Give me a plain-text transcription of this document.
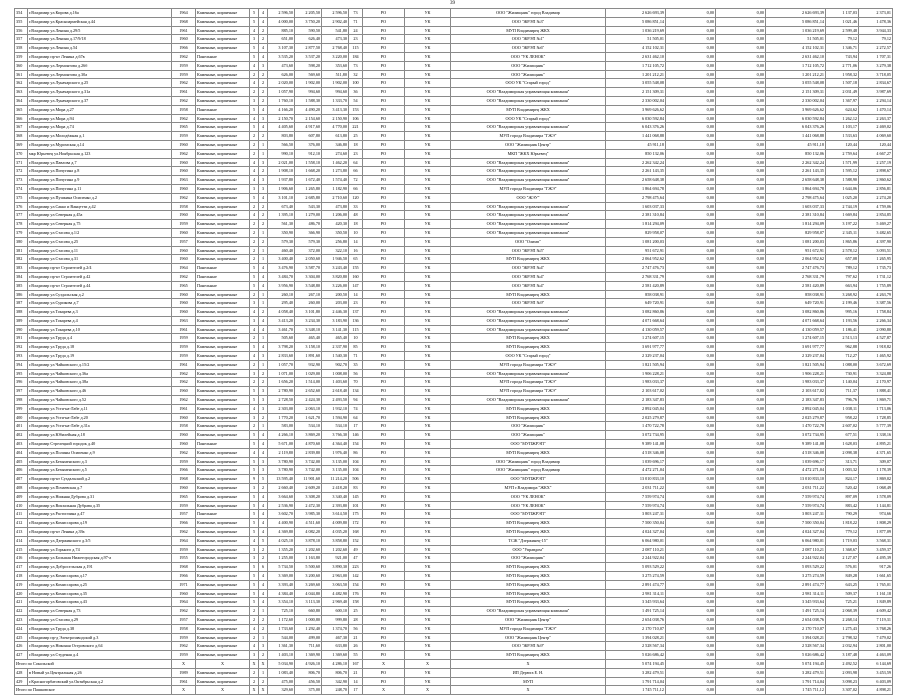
39
354	г.Владимир ул.Кирова д.16а	1964	Каменные, кирпичные	5	4	2 596,50	2 205,50	2 596,50	73	РО	УК	ООО "Жилищник" город Владимир	2 626 693,39	0,00	0,00	2 626 693,39	1 137,03	2 373,01
355	г.Владимир ул.Красноармейская д.44	1968	Каменные, кирпичные	5	4	4 000,00	3 750,20	2 902,40	71	РО	УК	ООО "ЖРЭП №3"	5 086 851,14	0,00	0,00	5 086 851,14	1 021,46	1 478,36
356	г.Владимир ул.Ленина д.29/5	1961	Каменные, кирпичные	4	2	885,10	590,50	541,80	24	РО	УК	МУП Владимирец ЖКХ	1 036 219,69	0,00	0,00	1 036 219,69	2 599,48	3 944,33
357	г.Владимир ул.Ленина д.17/9/18	1960	Каменные, кирпичные	3	2	651,00	626,40	473,30	23	РО	УК	ООО "ЖРЭП №1"	51 505,01	0,00	0,00	51 505,01	79,12	79,12
358	г.Владимир ул.Ленина д.54	1966	Каменные, кирпичные	5	4	3 107,30	2 877,50	2 768,40	115	РО	УК	ООО "ЖРЭП №6"	4 152 102,31	0,00	0,00	4 152 102,31	1 346,71	2 272,57
359	г.Владимир пр-кт Ленина д.67в	1962	Панельные	5	4	3 535,20	3 537,20	3 220,00	184	РО	УК	ООО "УК ЛЕНОК"	2 631 462,10	0,00	0,00	2 631 462,10	743,94	1 707,31
360	г.Владимир ул.Лермонтова д.26б	1959	Каменные, кирпичные	4	3	473,60	598,20	353,60	73	РО	УК	ООО "Жилищник"	1 712 105,72	0,00	0,00	1 712 105,72	2 771,06	3 279,38
361	г.Владимир ул.Лермонтова д.30а	1959	Каменные, кирпичные	2	2	626,00	569,60	511,80	32	РО	УК	ООО "Жилищник"	1 201 212,21	0,00	0,00	1 201 212,21	1 958,32	3 718,05
362	г.Владимир ул.Луначарского д.25	1962	Каменные, кирпичные	4	2	2 020,00	1 902,00	1 902,00	100	РО	УК	ООО УК "Старый город"	3 055 548,08	0,00	0,00	3 055 548,08	1 507,18	2 834,67
363	г.Владимир ул.Луначарского д.31а	1961	Каменные, кирпичные	2	2	1 057,90	994,60	994,60	36	РО	УК	ООО "Владимирская управляющая компания"	2 151 309,31	0,00	0,00	2 151 309,31	2 031,49	3 987,69
364	г.Владимир ул.Луначарского д.37	1962	Каменные, кирпичные	3	2	1 760,10	1 588,30	1 333,70	54	РО	УК	ООО "Владимирская управляющая компания"	2 330 002,04	0,00	0,00	2 330 002,04	1 367,97	2 294,14
365	г.Владимир ул.Мира д.27	1958	Панельные	5	4	4 166,20	4 490,20	3 413,30	153	РО	УК	МУП Владимирец ЖКХ	3 969 626,62	0,00	0,00	3 969 626,62	624,62	1 470,14
366	г.Владимир ул.Мира д.94	1962	Каменные, кирпичные	4	3	2 150,70	2 154,60	2 150,90	106	РО	УК	ООО УК "Старый город"	6 030 592,84	0,00	0,00	6 030 592,84	1 262,12	2 263,37
367	г.Владимир ул.Мира д.74	1965	Каменные, кирпичные	5	4	4 405,60	4 917,60	4 770,00	221	РО	УК	ООО "Владимирская управляющая компания"	6 043 376,26	0,00	0,00	6 043 376,26	1 103,17	2 469,02
368	г.Владимир ул.Молодёжная д.1	1959	Каменные, кирпичные	2	2	803,80	607,80	613,80	25	РО	УК	МУП города Владимира "ГЖЭ"	1 441 068,88	0,00	0,00	1 441 068,88	1 533,63	4 069,60
369	г.Владимир ул.Муромская д.14	1960	Каменные, кирпичные	2	1	566,50	376,00	346,80	18	РО	УК	ООО "Жилищник Центр"	45 911,18	0,00	0,00	45 911,18	120,44	120,44
370	мкр Юрьевец ул.Ноябрьская д.123	1962	Каменные, кирпичные	2	1	990,10	912,10	274,60	23	РО	УК	МКП "ЖКХ Юрьевец"	850 132,06	0,00	0,00	850 132,06	2 759,64	4 667,27
371	г.Владимир ул.Павлова д.7	1960	Каменные, кирпичные	4	3	2 021,00	1 558,10	1 462,20	64	РО	УК	ООО "Владимирская управляющая компания"	2 262 342,24	0,00	0,00	2 262 342,24	1 571,99	2 257,19
372	г.Владимир ул.Пичугина д.8	1960	Каменные, кирпичные	4	2	1 908,10	1 668,20	1 273,80	66	РО	УК	ООО "Владимирская управляющая компания"	2 261 143,35	0,00	0,00	2 261 143,35	1 595,12	2 898,67
373	г.Владимир ул.Пичугина д.9	1963	Каменные, кирпичные	4	3	1 937,80	1 672,40	1 574,40	72	РО	УК	ООО "Владимирская управляющая компания"	2 658 648,38	0,00	0,00	2 658 648,38	1 588,90	2 860,62
374	г.Владимир ул.Пичугина д.11	1960	Каменные, кирпичные	3	3	1 906,60	1 265,80	1 182,90	66	РО	УК	МУП города Владимира "ГЖЭ"	1 864 694,78	0,00	0,00	1 864 694,78	1 644,06	2 856,81
375	г.Владимир ул.Пушкина Осипенко д.2	1962	Каменные, кирпичные	5	4	3 101,10	2 685,80	2 710,60	120	РО	УК	ООО "ЖЭУ"	2 798 475,64	0,00	0,00	2 798 475,64	1 025,20	2 274,20
376	г.Владимир ул.Сакко и Ванцетти д.42	1958	Каменные, кирпичные	2	2	673,40	543,30	473,80	33	РО	УК	ООО "Владимирская управляющая компания"	1 603 037,33	0,00	0,00	1 603 037,33	2 744,19	4 759,06
377	г.Владимир ул.Северная д.45а	1960	Каменные, кирпичные	4	2	1 395,10	1 279,00	1 206,00	48	РО	УК	ООО "Владимирская управляющая компания"	2 381 310,84	0,00	0,00	2 381 310,84	1 669,84	2 854,85
378	г.Владимир ул.Северная д.75	1959	Каменные, кирпичные	2	2	561,30	486,70	420,30	18	РО	УК	ООО "Владимирская управляющая компания"	1 814 294,09	0,00	0,00	1 814 294,09	3 197,22	5 469,27
379	г.Владимир ул.Стасова д.1/2	1960	Каменные, кирпичные	2	1	350,90	366,90	350,50	10	РО	УК	ООО "Владимирская управляющая компания"	829 958,07	0,00	0,00	829 958,07	2 345,11	3 482,65
380	г.Владимир ул.Стасова д.25	1957	Каменные, кирпичные	2	2	579,30	579,30	256,80	14	РО	УК	ООО "Олимп"	1 081 200,03	0,00	0,00	1 081 200,03	1 865,86	4 397,90
381	г.Владимир ул.Стасова д.11	1960	Каменные, кирпичные	2	1	460,40	372,00	322,10	16	РО	УК	ООО "ЖРЭП №5"	951 672,91	0,00	0,00	951 672,91	2 578,12	3 093,51
382	г.Владимир ул.Стасова д.31	1960	Каменные, кирпичные	2	1	3 400,40	2 050,60	1 946,50	65	РО	УК	МУП Владимирец ЖКХ	2 064 952,62	0,00	0,00	2 064 952,62	657,08	1 265,95
383	г.Владимир пр-кт Строителей д.2/4	1964	Панельные	5	4	3 476,90	3 587,70	3 243,40	155	РО	УК	ООО "ЖРЭП №4"	2 747 476,73	0,00	0,00	2 747 476,73	789,12	1 735,73
384	г.Владимир пр-кт Строителей д.42	1962	Панельные	5	4	3 484,70	3 304,00	3 820,80	160	РО	УК	ООО "ЖРЭП №4"	2 768 331,79	0,00	0,00	2 768 331,79	797,62	1 731,12
385	г.Владимир пр-кт Строителей д.44	1965	Панельные	5	4	3 956,90	3 548,80	3 226,00	147	РО	УК	ООО "ЖРЭП №4"	2 581 420,89	0,00	0,00	2 581 420,89	663,94	1 755,89
386	г.Владимир ул.Суздальская д.2	1960	Каменные, кирпичные	2	1	260,10	267,10	200,50	14	РО	УК	МУП Владимирец ЖКХ	858 038,91	0,00	0,00	858 038,91	3 268,92	4 263,79
387	г.Владимир ул.Сурикова д.7	1960	Каменные, кирпичные	3	1	295,40	260,00	203,00	23	РО	УК	ООО "ЖРЭП №9"	649 720,91	0,00	0,00	649 720,91	2 199,46	3 387,56
388	г.Владимир ул.Токарева д.3	1960	Каменные, кирпичные	4	2	4 058,40	3 101,80	2 446,30	137	РО	УК	ООО "Владимирская управляющая компания"	3 082 860,86	0,00	0,00	3 082 860,86	995,16	1 758,84
389	г.Владимир ул.Токарева д.4	1963	Каменные, кирпичные	3	4	3 413,20	3 234,30	3 183,90	136	РО	УК	ООО "Владимирская управляющая компания"	4 071 668,64	0,00	0,00	4 071 668,64	1 193,56	2 266,34
390	г.Владимир ул.Токарева д.10	1961	Каменные, кирпичные	4	4	3 461,70	3 348,10	3 141,30	115	РО	УК	ООО "Владимирская управляющая компания"	4 130 059,57	0,00	0,00	4 130 059,57	1 186,41	2 090,80
391	г.Владимир ул.Труда д.4	1959	Каменные, кирпичные	2	1	505,60	465,40	465,40	10	РО	УК	МУП Владимирец ЖКХ	1 274 607,15	0,00	0,00	1 274 607,15	2 513,13	4 527,87
392	г.Владимир ул.Труда д.18	1959	Каменные, кирпичные	5	4	3 798,20	3 158,10	2 337,90	85	РО	УК	МУП Владимирец ЖКХ	3 691 977,77	0,00	0,00	3 691 977,77	962,88	1 918,82
393	г.Владимир ул.Труда д.19	1959	Каменные, кирпичные	4	3	2 833,60	1 891,60	1 540,30	71	РО	УК	ООО УК "Старый город"	2 329 237,04	0,00	0,00	2 329 237,04	712,27	1 465,92
394	г.Владимир ул.Чайковского д.15/2	1961	Каменные, кирпичные	2	1	1 057,70	932,90	902,70	35	РО	УК	МУП города Владимира "ГЖЭ"	1 821 505,94	0,00	0,00	1 821 505,94	1 088,00	3 672,69
395	г.Владимир ул.Чайковского д.36а	1962	Каменные, кирпичные	3	2	1 071,00	1 029,00	1 008,00	56	РО	УК	ООО "Владимирская управляющая компания"	1 906 228,21	0,00	0,00	1 906 228,21	730,91	3 324,88
396	г.Владимир ул.Чайковского д.38а	1962	Каменные, кирпичные	2	2	1 656,20	1 514,00	1 403,60	70	РО	УК	МУП города Владимира "ГЖЭ"	1 983 033,37	0,00	0,00	1 983 033,37	1 140,04	2 170,97
397	г.Владимир ул.Чайковского д.46	1960	Каменные, кирпичные	5	3	2 780,90	2 652,60	2 618,40	134	РО	УК	МУП города Владимира "ГЖЭ"	2 103 617,02	0,00	0,00	2 103 617,02	711,37	1 888,41
398	г.Владимир ул.Чайковского д.52	1962	Каменные, кирпичные	5	3	2 728,50	2 424,30	2 493,50	94	РО	УК	ООО "Владимирская управляющая компания"	2 183 347,83	0,00	0,00	2 183 347,83	796,76	1 869,71
399	г.Владимир ул.Усти-на-Лабе д.11	1961	Каменные, кирпичные	4	3	2 303,00	2 063,10	1 932,10	74	РО	УК	МУП Владимирец ЖКХ	2 892 045,04	0,00	0,00	2 892 045,04	1 038,11	1 713,06
400	г.Владимир ул.Усти-на-Лабе д.20	1960	Каменные, кирпичные	3	2	1 770,20	1 621,70	1 594,90	64	РО	УК	МУП Владимирец ЖКХ	2 025 279,87	0,00	0,00	2 025 279,87	958,22	1 728,85
401	г.Владимир ул.Усти-на-Лабе д.31а	1958	Каменные, кирпичные	2	1	583,00	534,10	534,10	17	РО	УК	ООО "Жилищник"	1 470 722,78	0,00	0,00	1 470 722,78	2 607,02	5 777,39
402	г.Владимир ул.Юбилейная д.18	1960	Каменные, кирпичные	5	4	4 266,10	3 869,20	3 766,30	146	РО	УК	ООО "Жилищник"	3 072 734,95	0,00	0,00	3 072 734,95	677,51	1 338,16
403	г.Владимир Стрелецкий городок д.40	1960	Панельные	5	4	5 671,00	4 870,60	4 364,40	154	РО	УК	ООО "МУПЖРЭП"	9 389 141,08	0,00	0,00	9 389 141,08	1 628,03	4 895,21
404	г.Владимир ул.Полины Осипенко д.9	1962	Каменные, кирпичные	4	4	2 119,80	2 839,80	1 976,40	86	РО	УК	МУП Владимирец ЖКХ	4 518 346,08	0,00	0,00	4 518 346,08	2 098,38	4 371,65
405	г.Владимир ул.Безыменского д.3	1959	Каменные, кирпичные	5	3	3 780,90	3 742,00	3 135,00	104	РО	УК	ООО "Жилищник" город Владимир	1 039 696,17	0,00	0,00	1 039 696,17	313,71	309,07
406	г.Владимир ул.Безыменского д.5	1966	Каменные, кирпичные	5	3	3 780,90	3 742,00	3 135,00	104	РО	УК	ООО "Жилищник" город Владимир	4 472 271,04	0,00	0,00	4 472 271,04	1 003,32	1 178,39
407	г.Владимир пр-кт Суздальский д.2	1968	Каменные, кирпичные	9	5	13 595,40	11 901,60	11 214,20	506	РО	УК	ООО "МУПЖРЭП"	13 010 833,10	0,00	0,00	13 010 833,10	824,17	1 869,02
408	г.Владимир ул.Почаевская д.7	1960	Каменные, кирпичные	3	2	2 660,40	2 609,20	2 418,20	83	РО	УК	МУП г.Владимира "ЖКХ"	2 031 711,22	0,00	0,00	2 031 711,22	520,42	1 068,49
409	г.Владимир ул.Нижняя Дуброва д.31	1965	Каменные, кирпичные	5	4	3 664,60	3 308,20	3 340,40	145	РО	УК	ООО "УК ЛЕНОК"	7 559 974,74	0,00	0,00	7 559 974,74	897,09	1 578,09
410	г.Владимир ул.Вокзальная Дубрава д.35	1959	Каменные, кирпичные	5	4	2 536,90	2 472,30	2 393,80	101	РО	УК	ООО "УК ЛЕНОК"	7 559 974,74	0,00	0,00	7 559 974,74	883,42	1 144,81
411	г.Владимир ул.Растопчина д.47	1957	Панельные	5	4	3 602,70	3 985,30	3 614,50	175	РО	УК	ООО "МУПЖРЭП"	3 803 247,31	0,00	0,00	3 803 247,31	790,29	974,66
412	г.Владимир ул.Комиссарова д.19	1966	Каменные, кирпичные	5	4	4 400,90	4 511,60	4 009,80	172	РО	УК	МУП Владимирец ЖКХ	7 500 350,04	0,00	0,00	7 500 350,04	1 818,22	1 808,29
413	г.Владимир пр-кт Ленина д.39а	1962	Каменные, кирпичные	5	4	4 369,80	4 082,20	4 035,20	168	РО	УК	МУП Владимирец ЖКХ	4 024 327,04	0,00	0,00	4 024 327,04	779,12	1 877,09
414	г.Владимир ул.Дзержинского д.3/5	1964	Каменные, кирпичные	4	5	4 025,10	3 878,10	3 858,80	152	РО	УК	ТСЖ "Дзержинец-15"	6 064 980,01	0,00	0,00	6 064 980,01	1 719,03	3 568,31
415	г.Владимир ул.Горького д.74	1959	Каменные, кирпичные	3	2	1 355,20	1 202,60	1 202,60	49	РО	УК	ООО "Управдом"	2 087 110,21	0,00	0,00	2 087 110,21	1 368,67	3 459,37
416	г.Владимир ул.Большая Нижегородская д.97-а	1955	Каменные, кирпичные	3	2	1 255,00	1 163,80	921,00	47	РО	УК	ООО "Жилищник"	2 244 922,04	0,00	0,00	2 244 922,04	2 127,07	4 495,39
417	г.Владимир ул.Добросельская д.191	1968	Каменные, кирпичные	5	6	5 734,50	5 500,60	3 890,30	223	РО	УК	МУП Владимирец ЖКХ	5 093 529,22	0,00	0,00	5 093 529,22	576,01	917,26
418	г.Владимир ул.Комиссарова д.17	1966	Каменные, кирпичные	5	4	3 369,00	3 200,60	2 963,00	142	РО	УК	МУП Владимирец ЖКХ	3 275 274,59	0,00	0,00	3 275 274,59	849,28	1 661,65
419	г.Владимир ул.Комиссарова д.25	1971	Каменные, кирпичные	5	4	3 393,40	3 269,60	3 063,50	154	РО	УК	МУП Владимирец ЖКХ	2 891 474,77	0,00	0,00	2 891 474,77	643,25	1 765,01
420	г.Владимир ул.Комиссарова д.35	1960	Каменные, кирпичные	5	4	4 384,40	4 044,80	4 482,90	176	РО	УК	МУП Владимирец ЖКХ	2 981 314,11	0,00	0,00	2 981 314,11	509,37	1 161,18
421	г.Владимир ул.Комиссарова д.43	1964	Каменные, кирпичные	5	4	3 354,10	3 113,30	2 969,40	158	РО	УК	МУП Владимирец ЖКХ	3 345 933,64	0,00	0,00	3 345 933,64	725,21	1 849,89
422	г.Владимир ул.Северная д.73	1962	Каменные, кирпичные	2	1	725,10	660,80	600,10	25	РО	УК	ООО "Владимирская управляющая компания"	1 491 725,14	0,00	0,00	1 491 725,14	2 068,39	4 609,42
423	г.Владимир ул.Стасова д.29	1957	Каменные, кирпичные	2	2	1 172,60	1 000,80	999,80	28	РО	УК	ООО "Жилищник Центр"	2 654 038,76	0,00	0,00	2 654 038,76	2 268,14	7 119,31
424	г.Владимир ул.Труда д.38	1958	Каменные, кирпичные	4	2	1 733,60	1 292,40	1 374,70	56	РО	УК	МУП города Владимира "ГЖЭ"	2 170 710,07	0,00	0,00	2 170 710,07	1 275,43	3 768,26
425	г.Владимир пр-д Электрозаводский д.3	1959	Каменные, кирпичные	2	1	544,00	499,00	467,30	21	РО	УК	ООО "Жилищник Центр"	1 394 028,21	0,00	0,00	1 394 028,21	2 798,32	7 479,02
426	г.Владимир ул.Никоная Островского д.64	1962	Каменные, кирпичные	4	3	1 361,30	711,60	633,80	26	РО	УК	ООО "ЖРЭП №9"	2 528 567,34	0,00	0,00	2 528 567,34	2 032,94	2 801,00
427	г.Владимир ул.Студеная д.4	1959	Каменные, кирпичные	3	2	1 403,10	1 369,90	1 369,60	55	РО	УК	МУП Владимирец ЖКХ	5 026 686,42	0,00	0,00	5 026 686,42	3 187,48	4 463,09
Итого по Сокольской		X	X	X	X	5 034,90	4 926,10	4 286,10	167	X	X	X	5 074 194,45	0,00	0,00	5 074 194,45	2 492,52	6 144,69
428	в Новый ул.Центральная д.26	1989	Каменные, кирпичные	2	1	1 083,40	806,70	806,70	21	РО	УК	ИП Дерюга Е. Н.	3 282 479,51	0,00	0,00	3 282 479,51	2 093,98	3 453,59
429	г.Красногорбатовский ул.Октябрьская д.2	1961	Каменные, кирпичные	2	2	475,00	456,50	342,90	14	РО	УК	МУП	1 791 714,04	0,00	0,00	1 791 714,04	3 098,23	6 403,09
Итого по Пашковское		X	X	X	X	329,60	375,00	248,70	17	X	X	X	1 745 711,12	0,00	0,00	1 745 711,12	3 307,02	4 898,21
